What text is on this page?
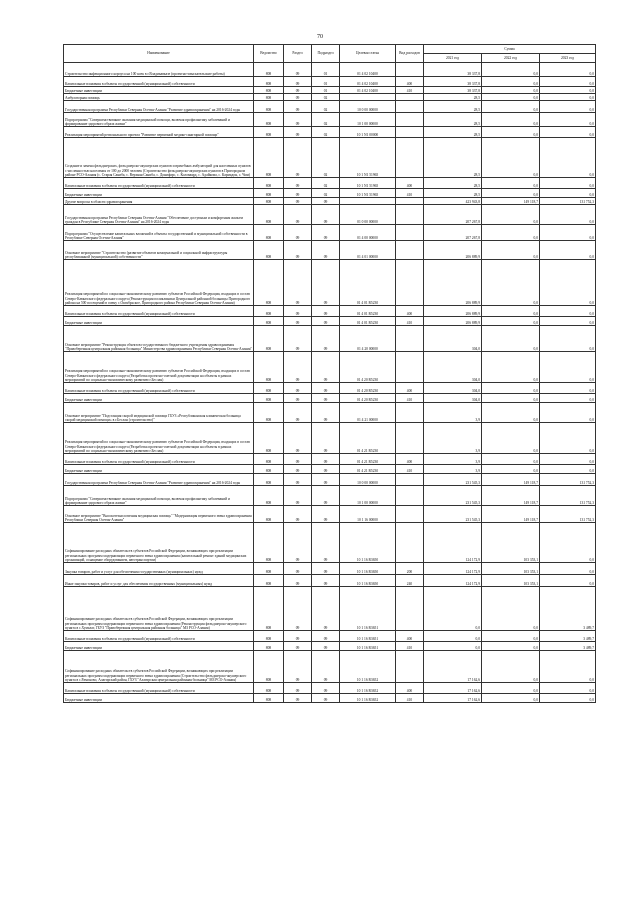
70
Наименование	Ведомство	Раздел	Подраздел	Целевая статья	Вид расходов	Сумма		
						2021 год	2022 год	2023 год
Строительство инфекционного корпуса на 100 коек в г.Владикавказе (проектно-изыскательские работы)	808	09	01	01 4 02 10400		38 337,8	0,0	0,0
Капитальные вложения в объекты государственной (муниципальной) собственности	808	09	01	01 4 02 10400	400	38 337,8	0,0	0,0
Бюджетные инвестиции	808	09	01	01 4 02 10400	410	38 337,8	0,0	0,0
Амбулаторная помощь	808	09	02			28,5	0,0	0,0
Государственная программа Республики Северная Осетия-Алания "Развитие здравоохранения" на 2016-2024 годы	808	09	02	10 0 00 00000		28,5	0,0	0,0
Подпрограмма "Совершенствование оказания медицинской помощи, включая профилактику заболеваний и формирование здорового образа жизни"	808	09	02	10 1 00 00000		28,5	0,0	0,0
Реализация мероприятий регионального проекта "Развитие первичной медико-санитарной помощи"	808	09	02	10 1 N1 00000		28,5	0,0	0,0
Создание и замена фельдшерских, фельдшерско-акушерских пунктов и врачебных амбулаторий для населенных пунктов с численностью населения от 100 до 2000 человек (Строительство фельдшерско-акушерских пунктов в Пригородном районе РСО-Алания (с. Старая Саниба, с. Верхняя Саниба, с. Донифарс, с. Коловаярд, с. Адайкома, с. Кармадон, с. Чми)	808	09	02	10 1 N1 51965		28,5	0,0	0,0
Капитальные вложения в объекты государственной (муниципальной) собственности	808	09	02	10 1 N1 51965	400	28,5	0,0	0,0
Бюджетные инвестиции	808	09	02	10 1 N1 51965	410	28,5	0,0	0,0
Другие вопросы в области здравоохранения	808	09	09			423 943,8	149 118,7	131 752,3
Государственная программа Республики Северная Осетия-Алания "Обеспечение доступным и комфортным жильем граждан в Республике Северная Осетия-Алания" на 2016-2024 годы	808	09	09	01 0 00 00000		207 267,8	0,0	0,0
Подпрограмма "Осуществление капитальных вложений в объекты государственной и муниципальной собственности в Республике Северная Осетия-Алания"	808	09	09	01 4 00 00000		207 267,8	0,0	0,0
Основное мероприятие "Строительство (развитие объектов коммунальной и социальной инфраструктуры республиканной (муниципальной) собственности"	808	09	09	01 4 01 00000		206 889,9	0,0	0,0
Реализация мероприятий по социально-экономическому развитию субъектов Российской Федерации, входящих в состав Северо-Кавказского федерального округа (Реконструкция поликлиники Центральной районной больницы Пригородного района на 500 посещений в смену с.Октябрьское, Пригородного района Республики Северная Осетия-Алания)	808	09	09	01 4 01 R5230		206 889,9	0,0	0,0
Капитальные вложения в объекты государственной (муниципальной) собственности	808	09	09	01 4 01 R5230	400	206 889,9	0,0	0,0
Бюджетные инвестиции	808	09	09	01 4 01 R5230	410	206 889,9	0,0	0,0
Основное мероприятие "Реконструкция объектов государственного бюджетного учреждения здравоохранения "Правобережная центральная районная больница" Министерства здравоохранения Республики Северная Осетия-Алания"	808	09	09	01 4 20 00000		304,0	0,0	0,0
Реализация мероприятий по социально-экономическому развитию субъектов Российской Федерации, входящих в состав Северо-Кавказского федерального округа (Разработка проектно-сметной документации на объекты в рамках мероприятий по социально-экономическому развитию г.Беслан)	808	09	09	01 4 20 R5230		304,0	0,0	0,0
Капитальные вложения в объекты государственной (муниципальной) собственности	808	09	09	01 4 20 R5230	400	304,0	0,0	0,0
Бюджетные инвестиции	808	09	09	01 4 20 R5230	410	304,0	0,0	0,0
Основное мероприятие "Подстанция скорой медицинской помощи ГБУЗ «Республиканская клиническая больница скорой медицинской помощи» в г.Беслан (строительство)"	808	09	09	01 4 21 00000		3,9	0,0	0,0
Реализация мероприятий по социально-экономическому развитию субъектов Российской Федерации, входящих в состав Северо-Кавказского федерального округа (Разработка проектно-сметной документации на объекты в рамках мероприятий по социально-экономическому развитию г.Беслан)	808	09	09	01 4 21 R5230		3,9	0,0	0,0
Капитальные вложения в объекты государственной (муниципальной) собственности	808	09	09	01 4 21 R5230	400	3,9	0,0	0,0
Бюджетные инвестиции	808	09	09	01 4 21 R5230	410	3,9	0,0	0,0
Государственная программа Республики Северная Осетия-Алания "Развитие здравоохранения" на 2016-2024 годы	808	09	09	10 0 00 00000		231 545,3	149 118,7	131 752,3
Подпрограмма "Совершенствование оказания медицинской помощи, включая профилактику заболеваний и формирование здорового образа жизни"	808	09	09	10 1 00 00000		231 545,3	149 118,7	131 752,3
Основное мероприятие "Высокотехнологичная медицинская помощь" "Модернизация первичного звена здравоохранения Республики Северная Осетия-Алания"	808	09	09	10 1 16 00000		231 545,3	149 118,7	131 752,3
Софинансирование расходных обязательств субъектов Российской Федерации, возникающих при реализации региональных программ модернизации первичного звена здравоохранения (капитальный ремонт зданий медицинских организаций, оснащение оборудованием, автотранспортом)	808	09	09	10 1 16 R3650		124 172,9	103 353,1	0,0
Закупка товаров, работ и услуг для обеспечения государственных (муниципальных) нужд	808	09	09	10 1 16 R3650	200	124 172,9	103 353,1	0,0
Иные закупки товаров, работ и услуг для обеспечения государственных (муниципальных) нужд	808	09	09	10 1 16 R3650	240	124 172,9	103 353,1	0,0
Софинансирование расходных обязательств субъектов Российской Федерации, возникающих при реализации региональных программ модернизации первичного звена здравоохранения (Реконструкция фельдшерско-акушерского пункта в с.Хумалаг, ГБУЗ "Правобережная центральная районная больница" МЗ РСО-Алания)	808	09	09	10 1 16 R3651		0,0	0,0	3 489,7
Капитальные вложения в объекты государственной (муниципальной) собственности	808	09	09	10 1 16 R3651	400	0,0	0,0	3 489,7
Бюджетные инвестиции	808	09	09	10 1 16 R3651	410	0,0	0,0	3 489,7
Софинансирование расходных обязательств субъектов Российской Федерации, возникающих при реализации региональных программ модернизации первичного звена здравоохранения (Строительство фельдшерско-акушерского пункта в с.Рамоново, Алагирский район, ГБУЗ "Алагирская центральная районная больница" МЗ РСО-Алания)	808	09	09	10 1 16 R3652		17 162,6	0,0	0,0
Капитальные вложения в объекты государственной (муниципальной) собственности	808	09	09	10 1 16 R3652	400	17 162,6	0,0	0,0
Бюджетные инвестиции	808	09	09	10 1 16 R3652	410	17 162,6	0,0	0,0
